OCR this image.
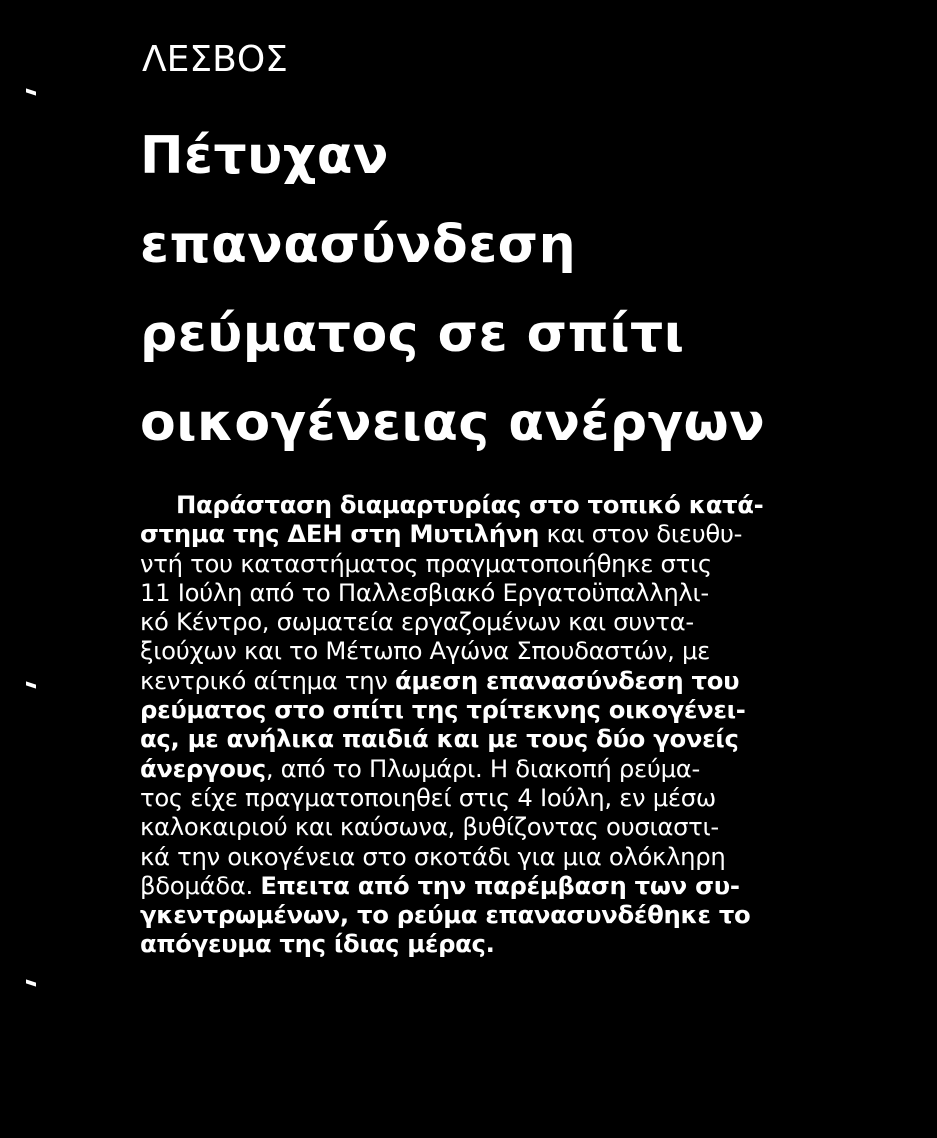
ΛΕΣΒΟΣ
Πέτυχαν
επανασύνδεση
ρεύματος σε σπίτι
οικογένειας ανέργων
Παράσταση διαμαρτυρίας στο τοπικό κατά-
στημα της ΔΕΗ στη Μυτιλήνη και στον διευθυ-
ντή του καταστήματος πραγματοποιήθηκε στις
11 Ιούλη από το Παλλεσβιακό Εργατοϋπαλληλι-
κό Κέντρο, σωματεία εργαζομένων και συντα-
ξιούχων και το Μέτωπο Αγώνα Σπουδαστών, με
κεντρικό αίτημα την άμεση επανασύνδεση του
ρεύματος στο σπίτι της τρίτεκνης οικογένει-
ας, με ανήλικα παιδιά και με τους δύο γονείς
άνεργους, από το Πλωμάρι. Η διακοπή ρεύμα-
τος είχε πραγματοποιηθεί στις 4 Ιούλη, εν μέσω
καλοκαιριού και καύσωνα, βυθίζοντας ουσιαστι-
κά την οικογένεια στο σκοτάδι για μια ολόκληρη
βδομάδα. Επειτα από την παρέμβαση των συ-
γκεντρωμένων, το ρεύμα επανασυνδέθηκε το
απόγευμα της ίδιας μέρας.
